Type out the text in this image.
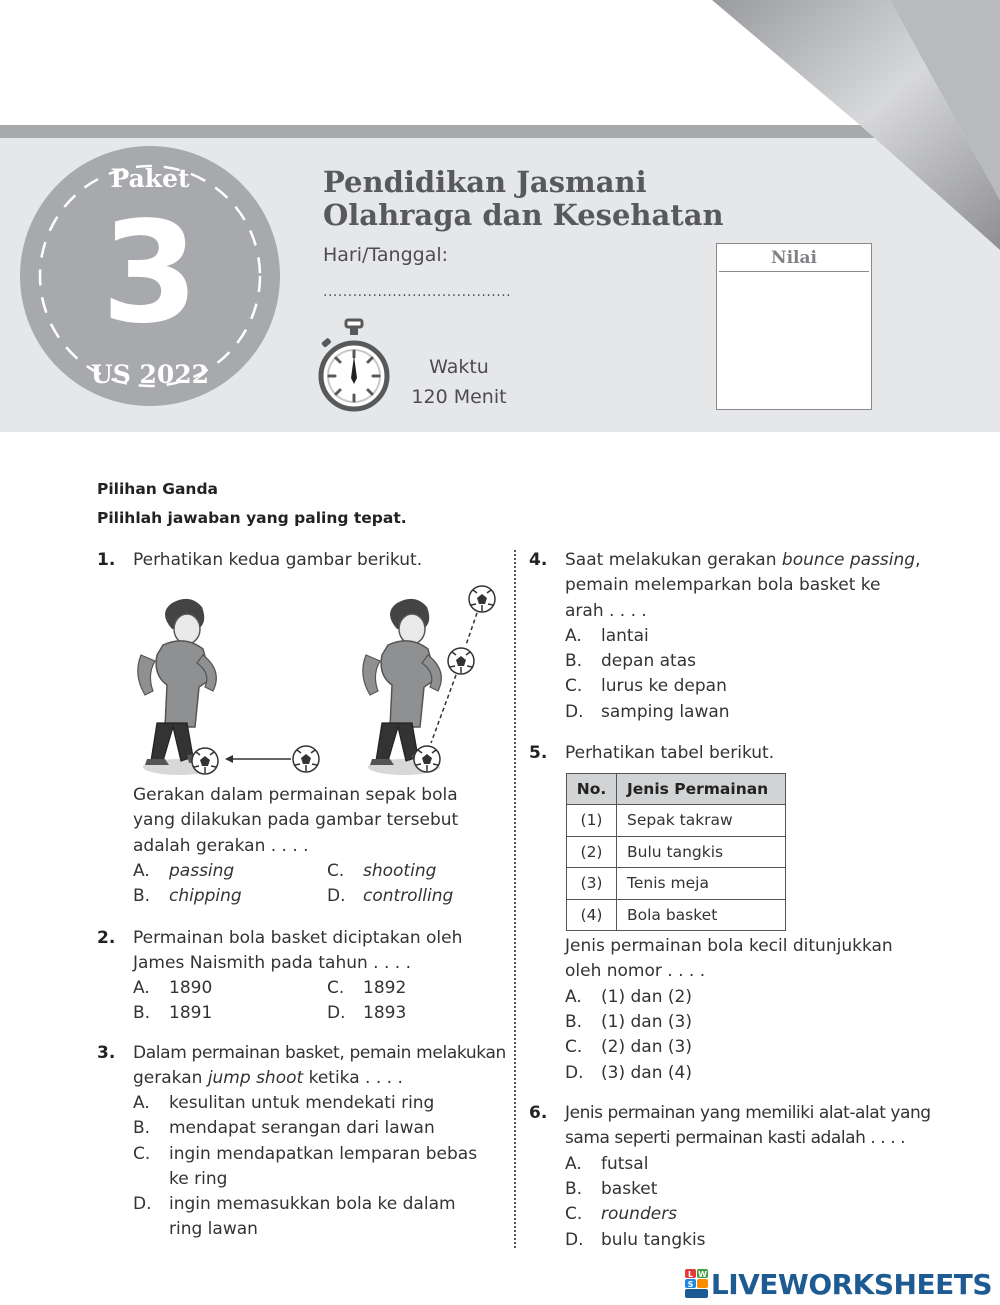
Paket
3
US 2022
Pendidikan Jasmani
Olahraga dan Kesehatan
Hari/Tanggal:
......................................
Waktu
120 Menit
Nilai
Pilihan Ganda
Pilihlah jawaban yang paling tepat.
1. Perhatikan kedua gambar berikut.
Gerakan dalam permainan sepak bola
yang dilakukan pada gambar tersebut
adalah gerakan . . . .
A. passing
B. chipping
C. shooting
D. controlling
2. Permainan bola basket diciptakan oleh
James Naismith pada tahun . . . .
A. 1890
B. 1891
C. 1892
D. 1893
3. Dalam permainan basket, pemain melakukan
gerakan jump shoot ketika . . . .
A. kesulitan untuk mendekati ring
B. mendapat serangan dari lawan
C. ingin mendapatkan lemparan bebas
ke ring
D. ingin memasukkan bola ke dalam
ring lawan
4. Saat melakukan gerakan bounce passing,
pemain melemparkan bola basket ke
arah . . . .
A. lantai
B. depan atas
C. lurus ke depan
D. samping lawan
5. Perhatikan tabel berikut.
Jenis permainan bola kecil ditunjukkan
oleh nomor . . . .
A. (1) dan (2)
B. (1) dan (3)
C. (2) dan (3)
D. (3) dan (4)
No.	Jenis Permainan
(1)	Sepak takraw
(2)	Bulu tangkis
(3)	Tenis meja
(4)	Bola basket
6. Jenis permainan yang memiliki alat-alat yang
sama seperti permainan kasti adalah . . . .
A. futsal
B. basket
C. rounders
D. bulu tangkis
L W
S LIVEWORKSHEETS
